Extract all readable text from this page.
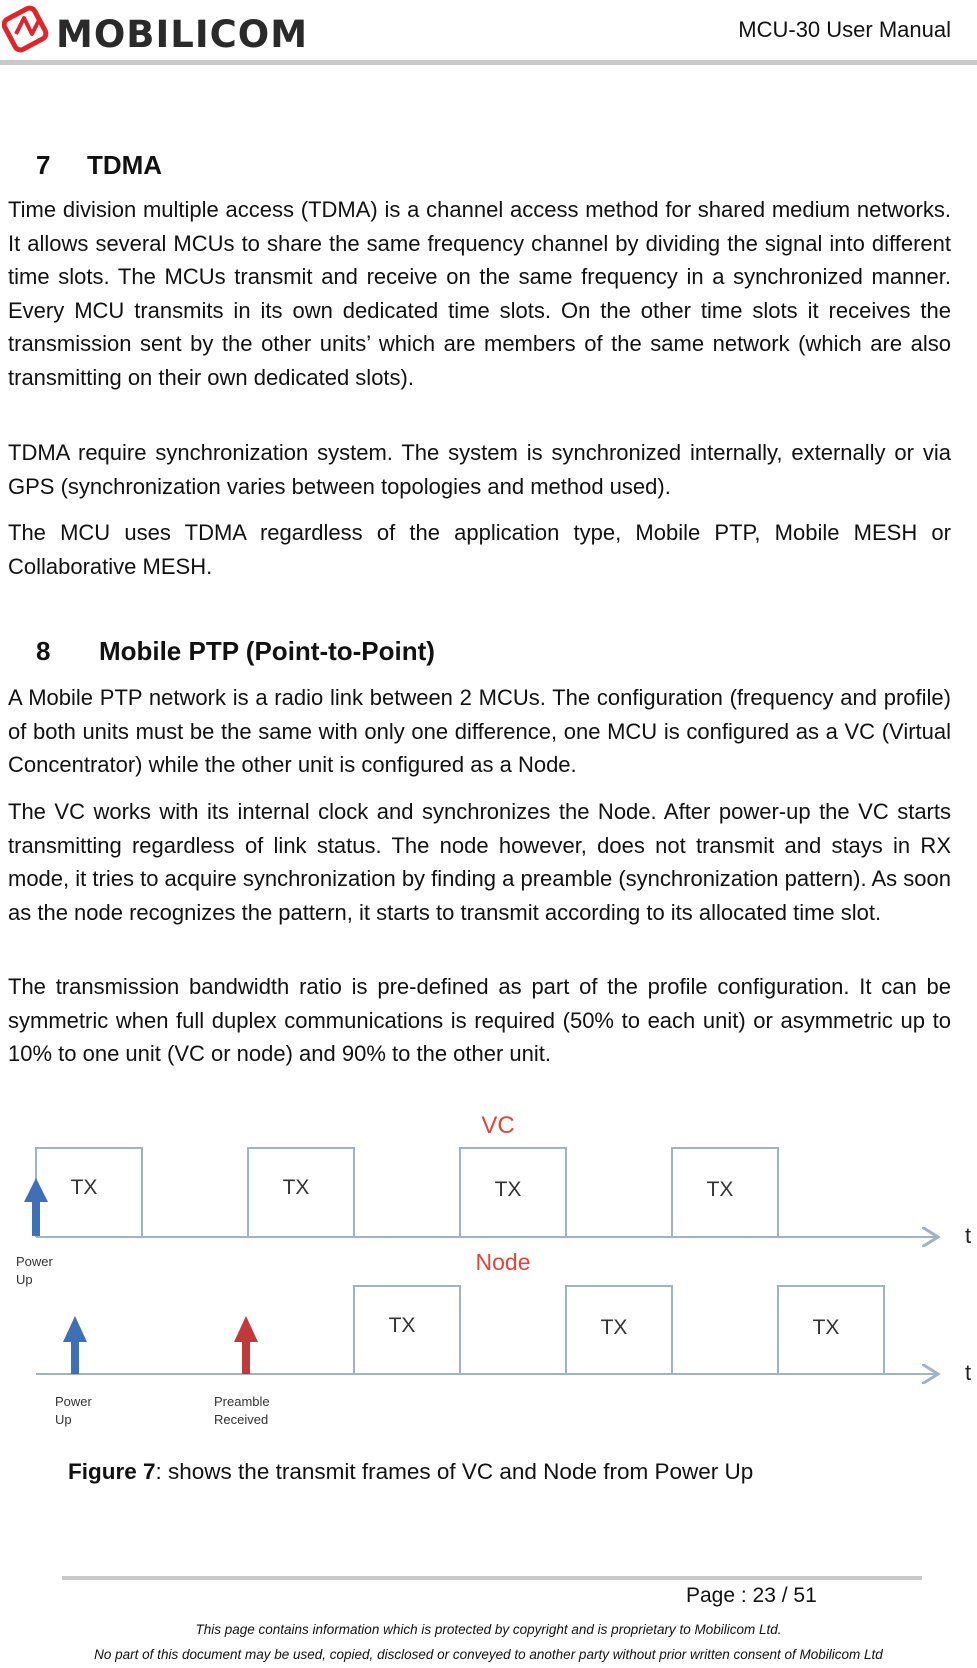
MOBILICOM	MCU-30 User Manual
7 TDMA

Time division multiple access (TDMA) is a channel access method for shared medium networks. It allows several MCUs to share the same frequency channel by dividing the signal into different time slots. The MCUs transmit and receive on the same frequency in a synchronized manner. Every MCU transmits in its own dedicated time slots. On the other time slots it receives the transmission sent by the other units’ which are members of the same network (which are also transmitting on their own dedicated slots).

TDMA require synchronization system. The system is synchronized internally, externally or via GPS (synchronization varies between topologies and method used).

The MCU uses TDMA regardless of the application type, Mobile PTP, Mobile MESH or Collaborative MESH.

8 Mobile PTP (Point-to-Point)

A Mobile PTP network is a radio link between 2 MCUs. The configuration (frequency and profile) of both units must be the same with only one difference, one MCU is configured as a VC (Virtual Concentrator) while the other unit is configured as a Node.

The VC works with its internal clock and synchronizes the Node. After power-up the VC starts transmitting regardless of link status. The node however, does not transmit and stays in RX mode, it tries to acquire synchronization by finding a preamble (synchronization pattern). As soon as the node recognizes the pattern, it starts to transmit according to its allocated time slot.

The transmission bandwidth ratio is pre-defined as part of the profile configuration. It can be symmetric when full duplex communications is required (50% to each unit) or asymmetric up to 10% to one unit (VC or node) and 90% to the other unit.

VC
t
TX	TX	TX	TX
Power
Up
Node
t
TX	TX	TX
Power
Up
Preamble
Received
Figure 7: shows the transmit frames of VC and Node from Power Up
Page : 23 / 51
This page contains information which is protected by copyright and is proprietary to Mobilicom Ltd.
No part of this document may be used, copied, disclosed or conveyed to another party without prior written consent of Mobilicom Ltd
